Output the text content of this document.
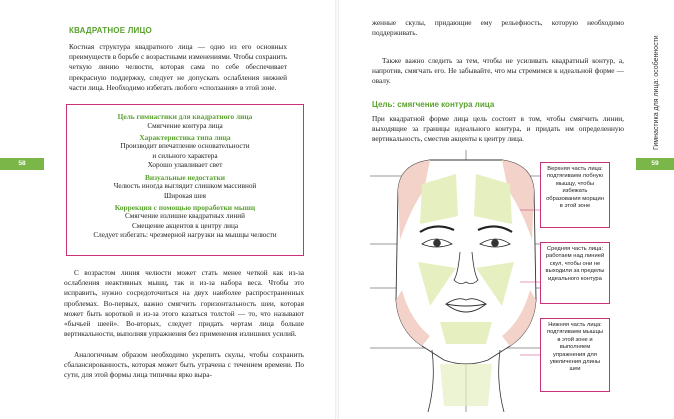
58	59
Гимнастика для лица: особенности
КВАДРАТНОЕ ЛИЦО

Костная структура квадратного лица — одно из его основных преимуществ в борьбе с возрастными изменениями. Чтобы сохранить четкую линию челюсти, которая сама по себе обеспечивает прекрасную поддержку, следует не допускать ослабления нижней части лица. Необходимо избегать любого «сползания» в этой зоне.

Цель гимнастики для квадратного лица
Смягчение контура лица
Характеристика типа лица
Производит впечатление основательности
и сильного характера
Хорошо улавливает свет
Визуальные недостатки
Челюсть иногда выглядит слишком массивной
Широкая шея
Коррекция с помощью проработки мышц
Смягчение излишне квадратных линий
Смещение акцентов к центру лица
Следует избегать: чрезмерной нагрузки на мышцы челюсти

С возрастом линия челюсти может стать менее четкой как из-за ослабления неактивных мышц, так и из-за набора веса. Чтобы это исправить, нужно сосредоточиться на двух наиболее распространенных проблемах. Во-первых, важно смягчить горизонтальность шеи, которая может быть короткой и из-за этого казаться толстой — то, что называют «бычьей шеей». Во-вторых, следует придать чертам лица больше вертикальности, выполняя упражнения без применения излишних усилий.

Аналогичным образом необходимо укрепить скулы, чтобы сохранить сбалансированность, которая может быть утрачена с течением времени. По сути, для этой формы лица типичны ярко выра-

женные скулы, придающие ему рельефность, которую необходимо поддерживать.

Также важно следить за тем, чтобы не усиливать квадратный контур, а, напротив, смягчать его. Не забывайте, что мы стремимся к идеальной форме — овалу.

Цель: смягчение контура лица

При квадратной форме лица цель состоит в том, чтобы смягчить линии, выходящие за границы идеального контура, и придать им определенную вертикальность, сместив акценты к центру лица.

Верхняя часть лица: подтягиваем лобную мышцу, чтобы избежать образования морщин в этой зоне
Средняя часть лица: работаем над линией скул, чтобы они не выходили за пределы идеального контура
Нижняя часть лица: подтягиваем мышцы в этой зоне и выполняем упражнения для увеличения длины шеи
